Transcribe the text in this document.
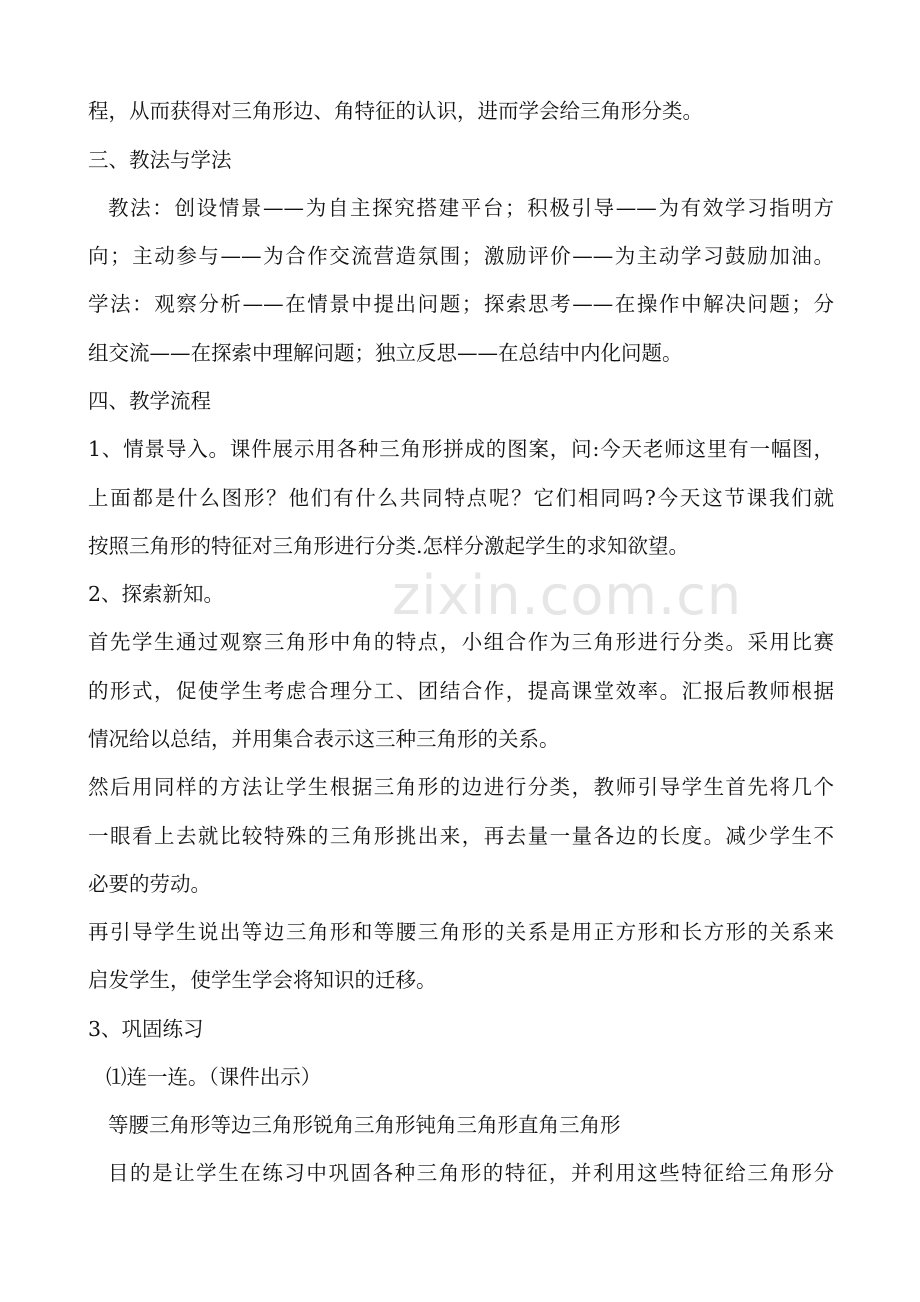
zixin.com.cn
程，从而获得对三角形边、角特征的认识，进而学会给三角形分类。
三、教法与学法
教法：创设情景——为自主探究搭建平台；积极引导——为有效学习指明方
向；主动参与——为合作交流营造氛围；激励评价——为主动学习鼓励加油。
学法：观察分析——在情景中提出问题；探索思考——在操作中解决问题；分
组交流——在探索中理解问题；独立反思——在总结中内化问题。
四、教学流程
1、情景导入。课件展示用各种三角形拼成的图案，问:今天老师这里有一幅图，
上面都是什么图形？他们有什么共同特点呢？它们相同吗?今天这节课我们就
按照三角形的特征对三角形进行分类.怎样分激起学生的求知欲望。
2、探索新知。
首先学生通过观察三角形中角的特点，小组合作为三角形进行分类。采用比赛
的形式，促使学生考虑合理分工、团结合作，提高课堂效率。汇报后教师根据
情况给以总结，并用集合表示这三种三角形的关系。
然后用同样的方法让学生根据三角形的边进行分类，教师引导学生首先将几个
一眼看上去就比较特殊的三角形挑出来，再去量一量各边的长度。减少学生不
必要的劳动。
再引导学生说出等边三角形和等腰三角形的关系是用正方形和长方形的关系来
启发学生，使学生学会将知识的迁移。
3、巩固练习
⑴连一连。（课件出示）
等腰三角形等边三角形锐角三角形钝角三角形直角三角形
目的是让学生在练习中巩固各种三角形的特征，并利用这些特征给三角形分
